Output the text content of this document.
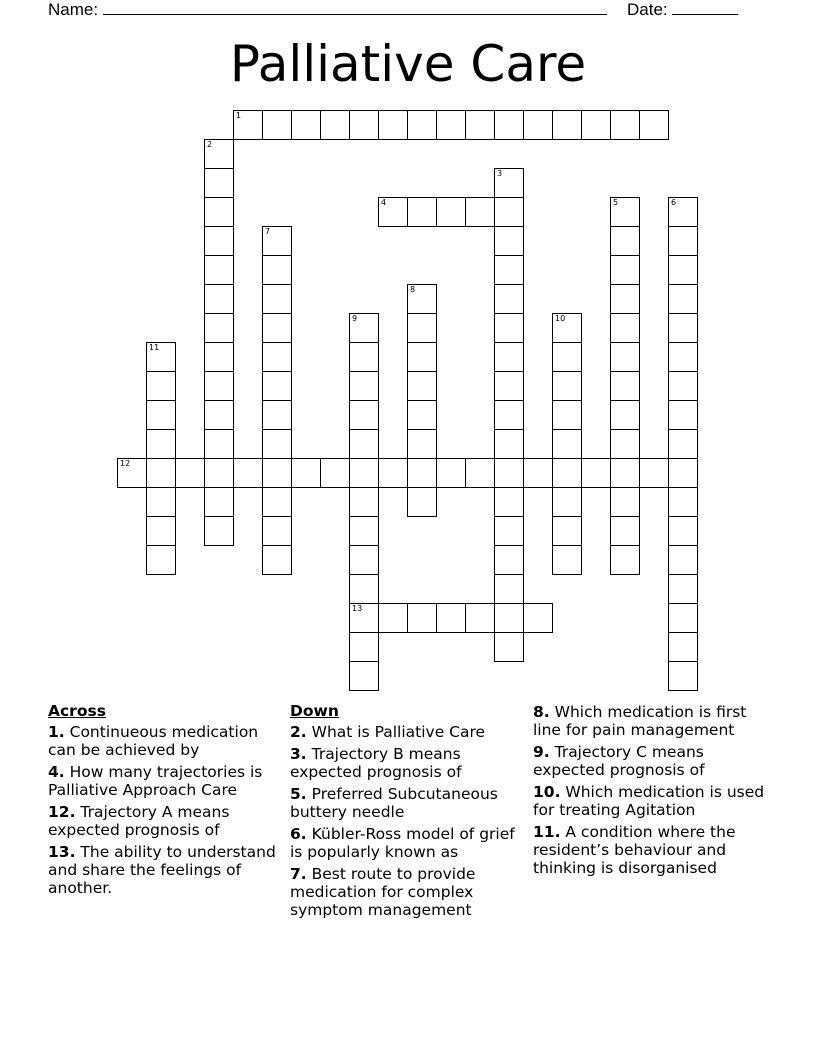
Name:	Date:
Palliative Care
1
2
3
4	5	6
7
8
9
13
10
11
12
Across
1. Continueous medication can be achieved by
4. How many trajectories is Palliative Approach Care
12. Trajectory A means expected prognosis of
13. The ability to understand and share the feelings of another.
Down
2. What is Palliative Care
3. Trajectory B means expected prognosis of
5. Preferred Subcutaneous buttery needle
6. Kübler-Ross model of grief is popularly known as
7. Best route to provide medication for complex symptom management
8. Which medication is first line for pain management
9. Trajectory C means expected prognosis of
10. Which medication is used for treating Agitation
11. A condition where the resident’s behaviour and thinking is disorganised
